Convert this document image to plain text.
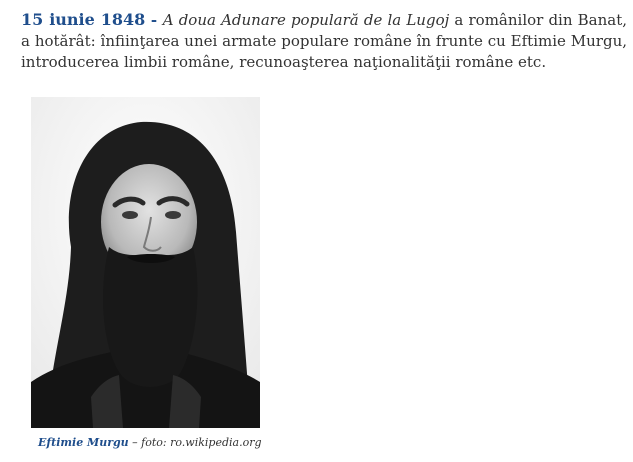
15 iunie 1848 - A doua Adunare populară de la Lugoj a românilor din Banat, a hotărât: înfiinţarea unei armate populare române în frunte cu Eftimie Murgu, introducerea limbii române, recunoaşterea naţionalităţii române etc.

Eftimie Murgu – foto: ro.wikipedia.org
